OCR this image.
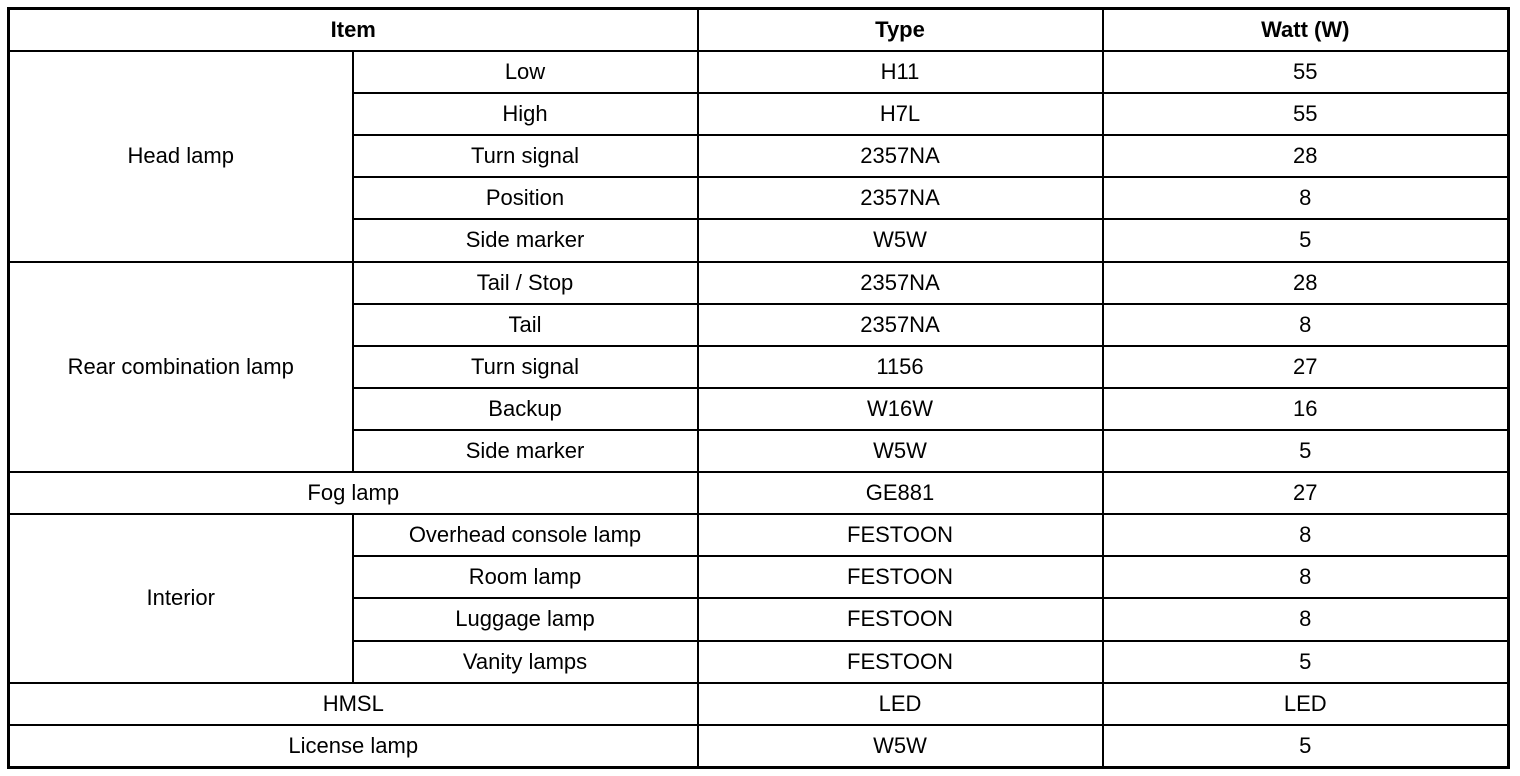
Item		Type	Watt (W)
Head lamp	Low	H11	55
	High	H7L	55
	Turn signal	2357NA	28
	Position	2357NA	8
	Side marker	W5W	5
Rear combination lamp	Tail / Stop	2357NA	28
	Tail	2357NA	8
	Turn signal	1156	27
	Backup	W16W	16
	Side marker	W5W	5
Fog lamp		GE881	27
Interior	Overhead console lamp	FESTOON	8
	Room lamp	FESTOON	8
	Luggage lamp	FESTOON	8
	Vanity lamps	FESTOON	5
HMSL		LED	LED
License lamp		W5W	5
